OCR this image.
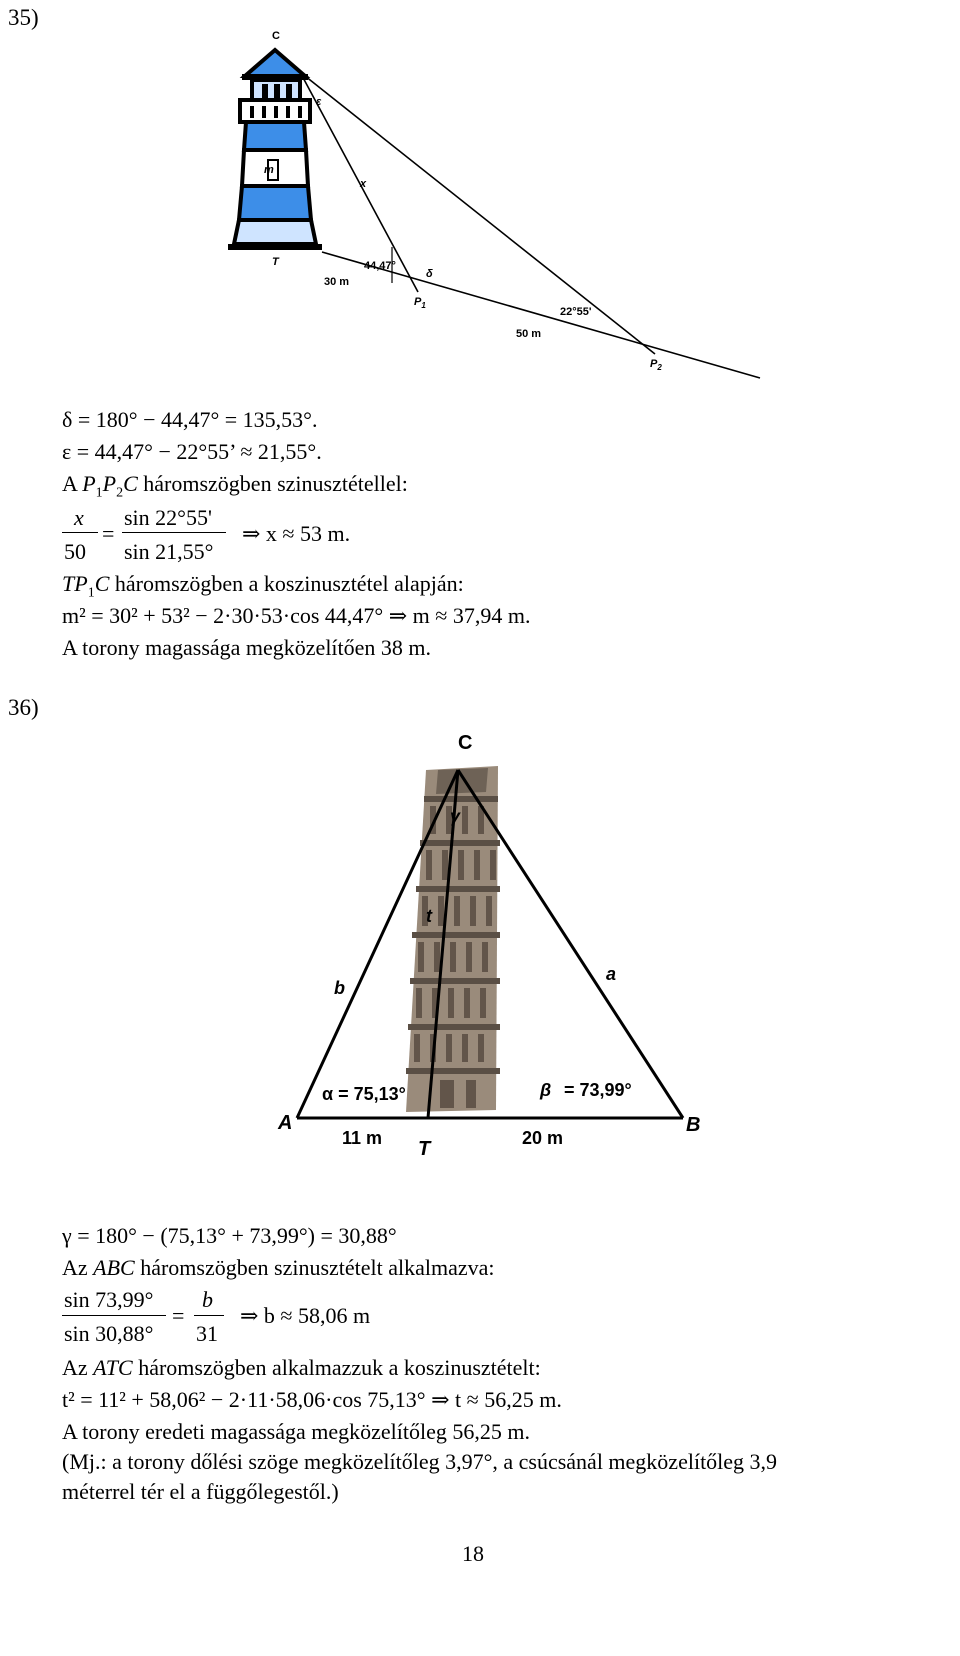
35)
C
ε
m
x
T	44,47°
δ
30 m
$P_1$
22°55'
50 m
$P_2$
δ = 180° − 44,47° = 135,53°.
ε = 44,47° − 22°55’ ≈ 21,55°.
A $P_1P_2C$ háromszögben szinusztétellel:
x
50
=
sin 22°55'
sin 21,55°
⇒ x ≈ 53 m.
$TP_1C$ háromszögben a koszinusztétel alapján:
m² = 30² + 53² − 2·30·53·cos 44,47° ⇒ m ≈ 37,94 m.
A torony magassága megközelítően 38 m.
36)
C
γ
t
b
a
α = 75,13°	β = 73,99°
A	B
11 m T	20 m
γ = 180° − (75,13° + 73,99°) = 30,88°
Az ABC háromszögben szinusztételt alkalmazva:
sin 73,99°
sin 30,88°
=
b
31
⇒ b ≈ 58,06 m
Az ATC háromszögben alkalmazzuk a koszinusztételt:
t² = 11² + 58,06² − 2·11·58,06·cos 75,13° ⇒ t ≈ 56,25 m.
A torony eredeti magassága megközelítőleg 56,25 m.
(Mj.: a torony dőlési szöge megközelítőleg 3,97°, a csúcsánál megközelítőleg 3,9
méterrel tér el a függőlegestől.)
18
